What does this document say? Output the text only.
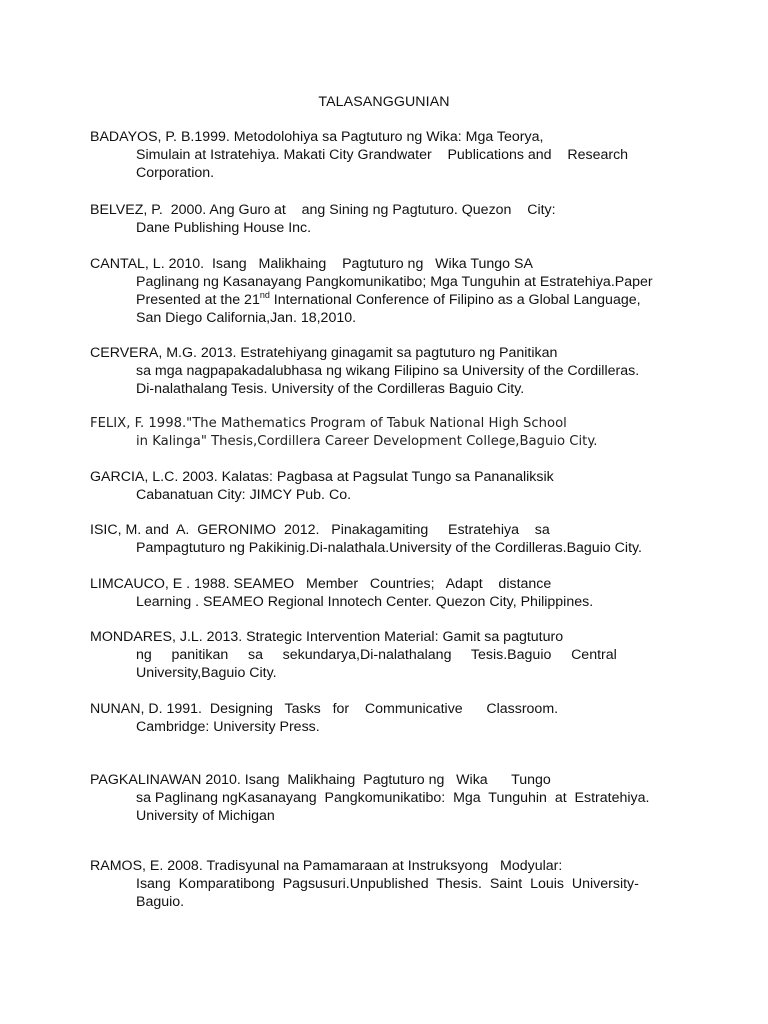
TALASANGGUNIAN
BADAYOS, P. B.1999. Metodolohiya sa Pagtuturo ng Wika: Mga Teorya,
Simulain at Istratehiya. Makati City Grandwater    Publications and    Research
Corporation.
BELVEZ, P.  2000. Ang Guro at    ang Sining ng Pagtuturo. Quezon    City:
Dane Publishing House Inc.
CANTAL, L. 2010.  Isang   Malikhaing    Pagtuturo ng   Wika Tungo SA
Paglinang ng Kasanayang Pangkomunikatibo; Mga Tunguhin at Estratehiya.Paper
Presented at the 21nd International Conference of Filipino as a Global Language,
San Diego California,Jan. 18,2010.
CERVERA, M.G. 2013. Estratehiyang ginagamit sa pagtuturo ng Panitikan
sa mga nagpapakadalubhasa ng wikang Filipino sa University of the Cordilleras.
Di-nalathalang Tesis. University of the Cordilleras Baguio City.
FELIX, F. 1998."The Mathematics Program of Tabuk National High School
in Kalinga" Thesis,Cordillera Career Development College,Baguio City.
GARCIA, L.C. 2003. Kalatas: Pagbasa at Pagsulat Tungo sa Pananaliksik
Cabanatuan City: JIMCY Pub. Co.
ISIC, M. and  A.  GERONIMO  2012.   Pinakagamiting     Estratehiya    sa
Pampagtuturo ng Pakikinig.Di-nalathala.University of the Cordilleras.Baguio City.
LIMCAUCO, E . 1988. SEAMEO   Member   Countries;   Adapt    distance
Learning . SEAMEO Regional Innotech Center. Quezon City, Philippines.
MONDARES, J.L. 2013. Strategic Intervention Material: Gamit sa pagtuturo
ng     panitikan     sa     sekundarya,Di-nalathalang     Tesis.Baguio     Central
University,Baguio City.
NUNAN, D. 1991.  Designing   Tasks   for    Communicative      Classroom.
Cambridge: University Press.
PAGKALINAWAN 2010. Isang  Malikhaing  Pagtuturo ng   Wika      Tungo
sa Paglinang ngKasanayang  Pangkomunikatibo:  Mga  Tunguhin  at  Estratehiya.
University of Michigan
RAMOS, E. 2008. Tradisyunal na Pamamaraan at Instruksyong   Modyular:
Isang  Komparatibong  Pagsusuri.Unpublished  Thesis.  Saint  Louis  University-
Baguio.
